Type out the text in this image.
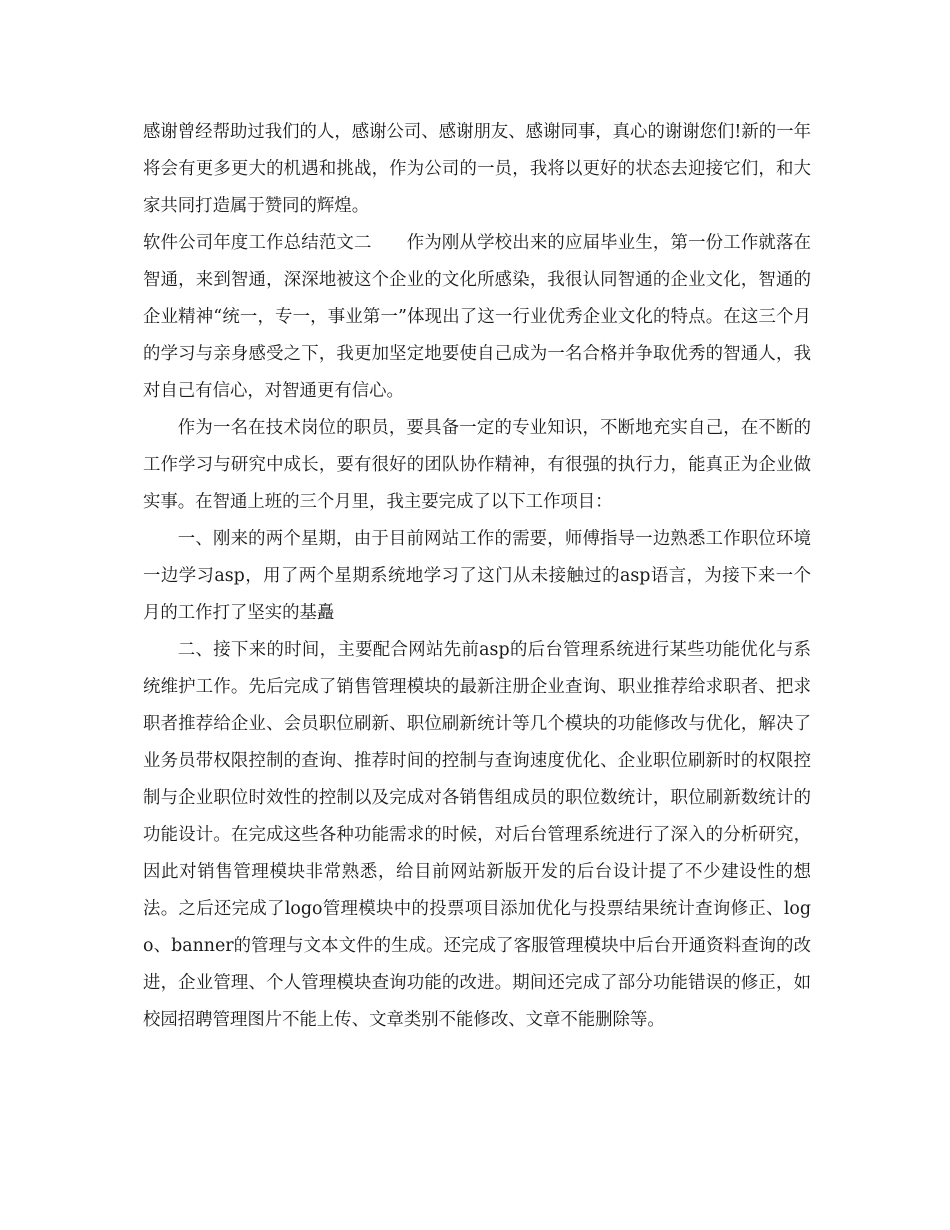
感谢曾经帮助过我们的人，感谢公司、感谢朋友、感谢同事，真心的谢谢您们!新的一年将会有更多更大的机遇和挑战，作为公司的一员，我将以更好的状态去迎接它们，和大家共同打造属于赞同的辉煌。

软件公司年度工作总结范文二　　 作为刚从学校出来的应届毕业生，第一份工作就落在智通，来到智通，深深地被这个企业的文化所感染，我很认同智通的企业文化，智通的企业精神“统一，专一，事业第一”体现出了这一行业优秀企业文化的特点。在这三个月的学习与亲身感受之下，我更加坚定地要使自己成为一名合格并争取优秀的智通人，我对自己有信心，对智通更有信心。

作为一名在技术岗位的职员，要具备一定的专业知识，不断地充实自己，在不断的工作学习与研究中成长，要有很好的团队协作精神，有很强的执行力，能真正为企业做实事。在智通上班的三个月里，我主要完成了以下工作项目：

一、刚来的两个星期，由于目前网站工作的需要，师傅指导一边熟悉工作职位环境一边学习asp，用了两个星期系统地学习了这门从未接触过的asp语言，为接下来一个月的工作打了坚实的基矗

二、接下来的时间，主要配合网站先前asp的后台管理系统进行某些功能优化与系统维护工作。先后完成了销售管理模块的最新注册企业查询、职业推荐给求职者、把求职者推荐给企业、会员职位刷新、职位刷新统计等几个模块的功能修改与优化，解决了业务员带权限控制的查询、推荐时间的控制与查询速度优化、企业职位刷新时的权限控制与企业职位时效性的控制以及完成对各销售组成员的职位数统计，职位刷新数统计的功能设计。在完成这些各种功能需求的时候，对后台管理系统进行了深入的分析研究，因此对销售管理模块非常熟悉，给目前网站新版开发的后台设计提了不少建设性的想法。之后还完成了logo管理模块中的投票项目添加优化与投票结果统计查询修正、logo、banner的管理与文本文件的生成。还完成了客服管理模块中后台开通资料查询的改进，企业管理、个人管理模块查询功能的改进。期间还完成了部分功能错误的修正，如校园招聘管理图片不能上传、文章类别不能修改、文章不能删除等。
